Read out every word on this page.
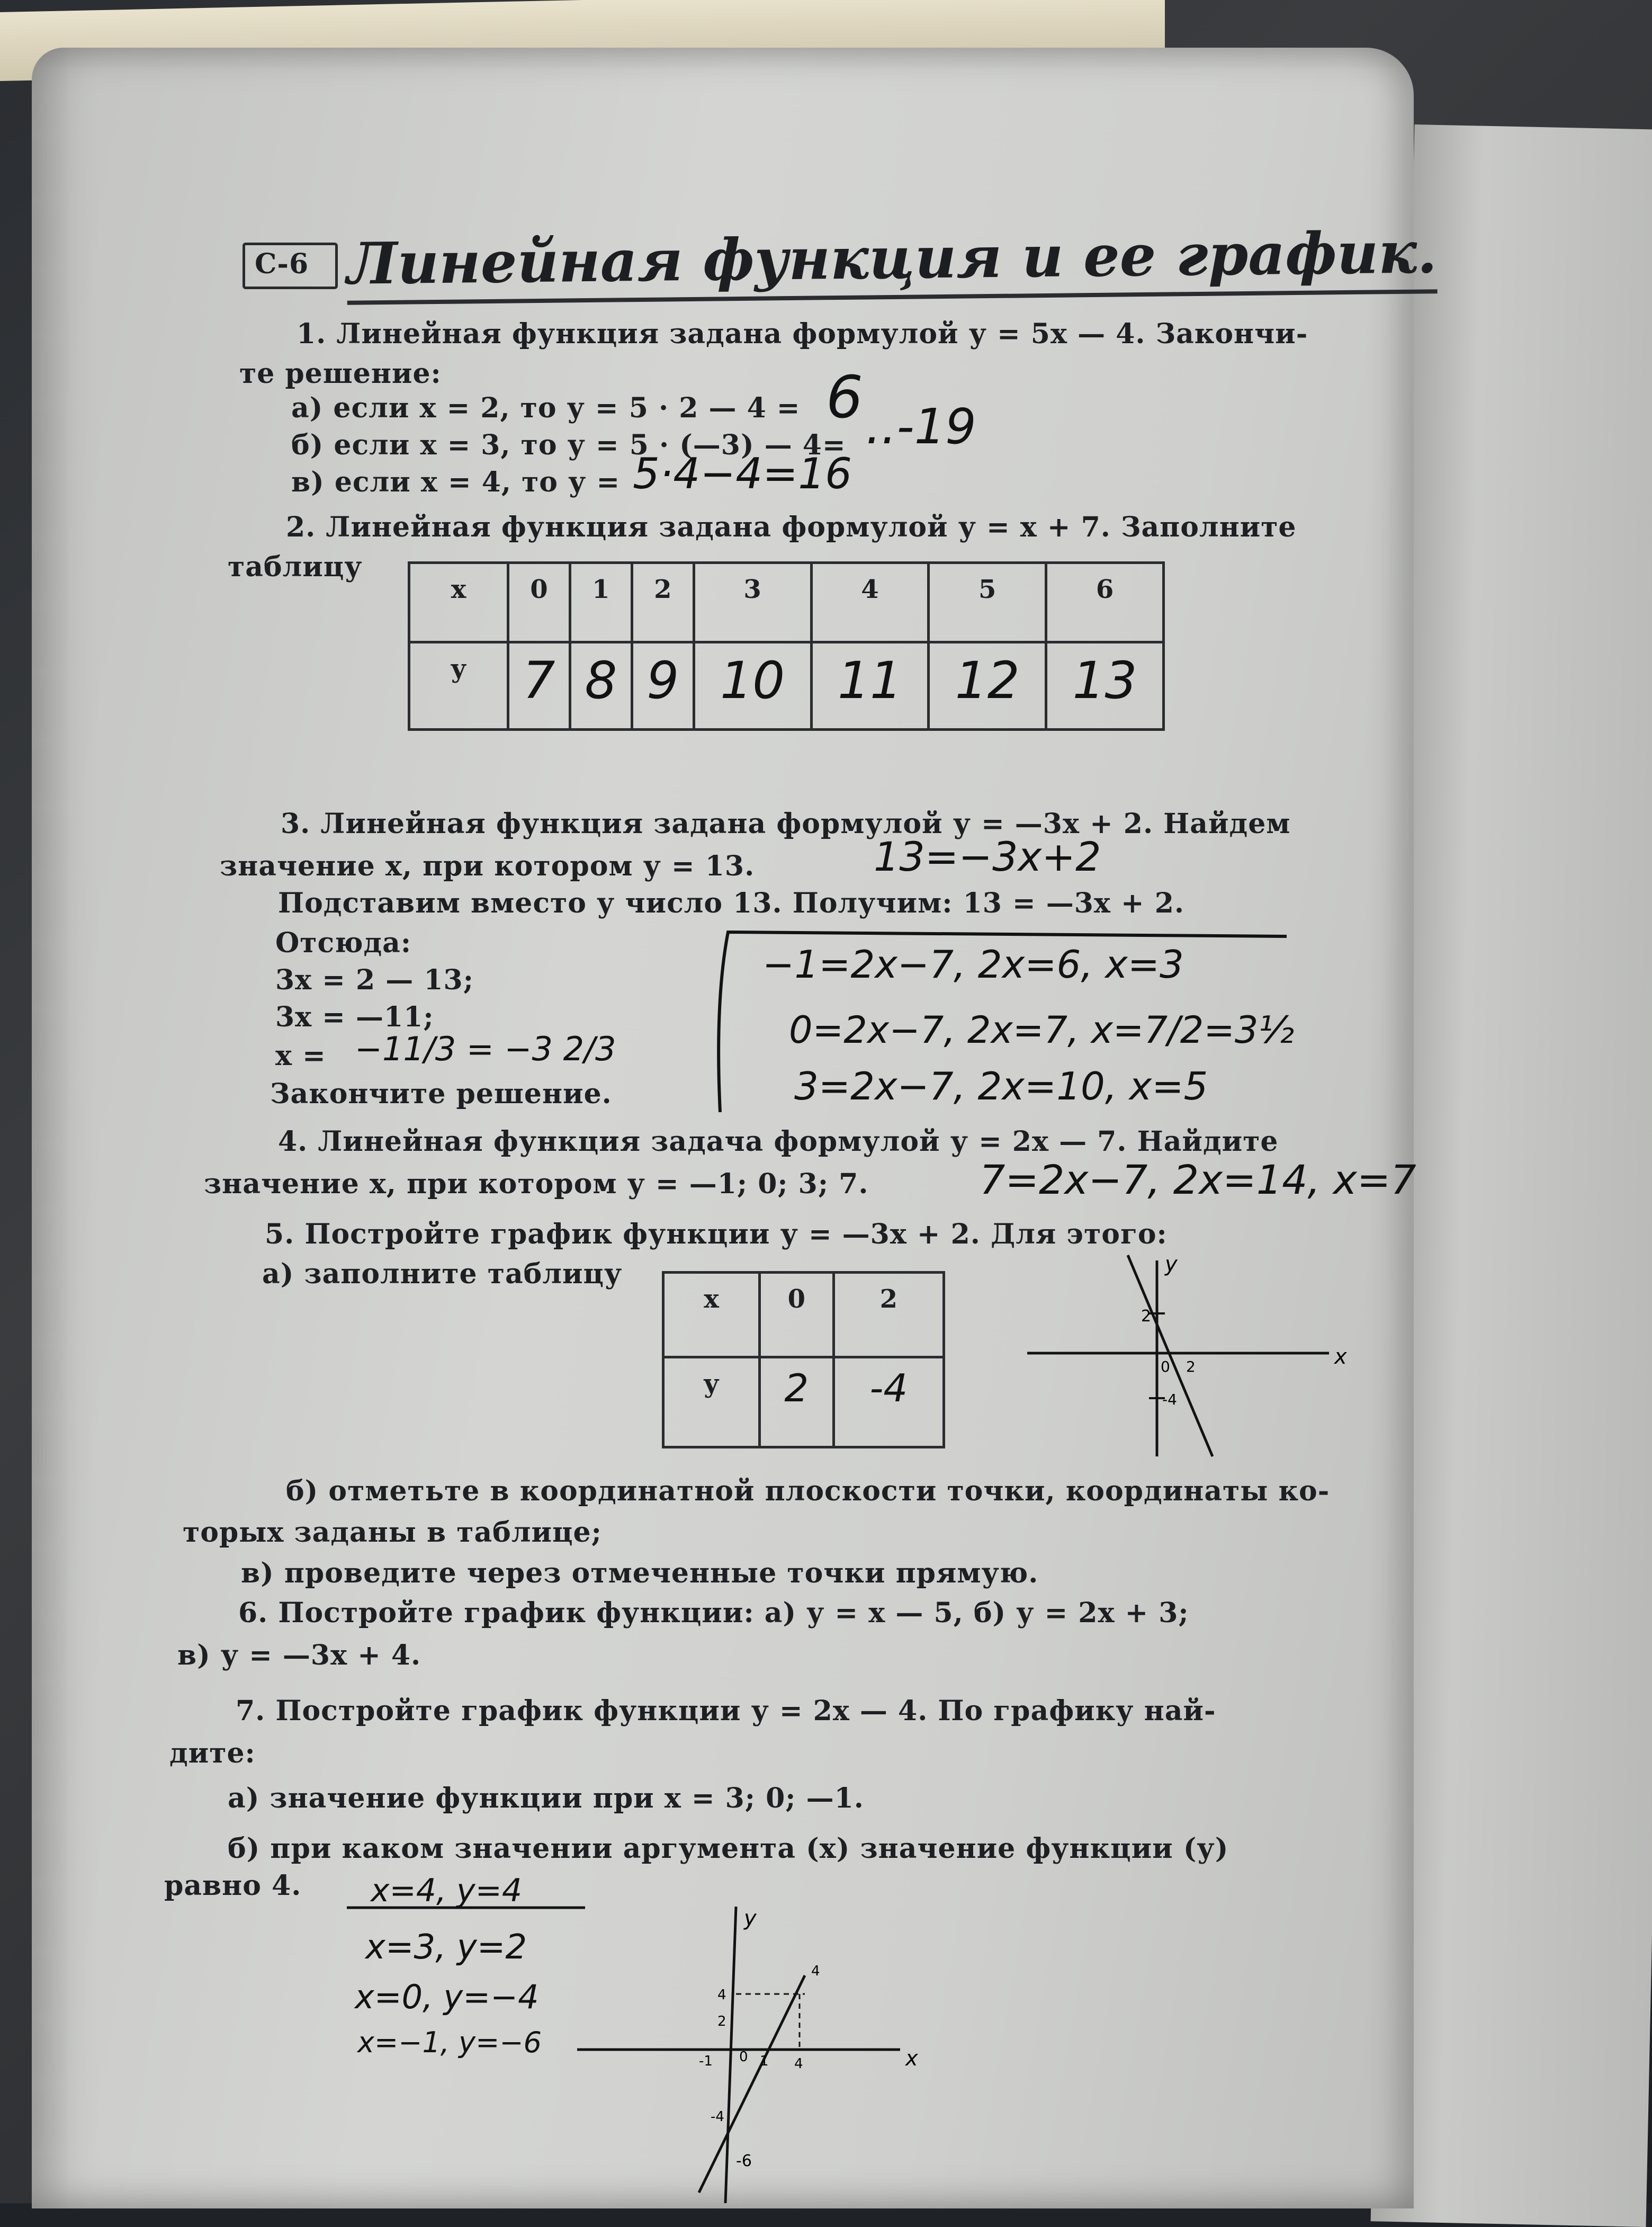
С-6 Линейная функция и ее график.
1. Линейная функция задана формулой у = 5х — 4. Закончи-
те решение:
а) если х = 2, то у = 5 · 2 — 4 =
б) если х = 3, то у = 5 · (—3) — 4=
в) если х = 4, то у =
6 ..-19
5·4−4=16
2. Линейная функция задана формулой у = х + 7. Заполните
таблицу
х	0	1	2	3	4	5	6
у	7	8	9	10	11	12	13
3. Линейная функция задана формулой у = —3х + 2. Найдем
значение х, при котором у = 13.
Подставим вместо у число 13. Получим: 13 = —3х + 2.
Отсюда:
3х = 2 — 13;
3х = —11;
х =
Закончите решение.
13=−3x+2
−11/3 = −3 2/3
−1=2x−7, 2x=6, x=3
0=2x−7, 2x=7, x=7/2=3½
3=2x−7, 2x=10, x=5
4. Линейная функция задача формулой у = 2х — 7. Найдите
значение х, при котором у = —1; 0; 3; 7.	7=2x−7, 2x=14, x=7
5. Постройте график функции у = —3х + 2. Для этого:
а) заполните таблицу
х	0	2
у	2	-4
x
y
2
0 2
-4
б) отметьте в координатной плоскости точки, координаты ко-
торых заданы в таблице;
в) проведите через отмеченные точки прямую.
6. Постройте график функции: а) у = х — 5, б) у = 2х + 3;
в) у = —3х + 4.
7. Постройте график функции у = 2х — 4. По графику най-
дите:
а) значение функции при х = 3; 0; —1.
б) при каком значении аргумента (х) значение функции (у)
равно 4. x=4, y=4
x=3, y=2
x=0, y=−4
x=−1, y=−6	x
y
4
4
2
-1 0 1 4
-4
-6
